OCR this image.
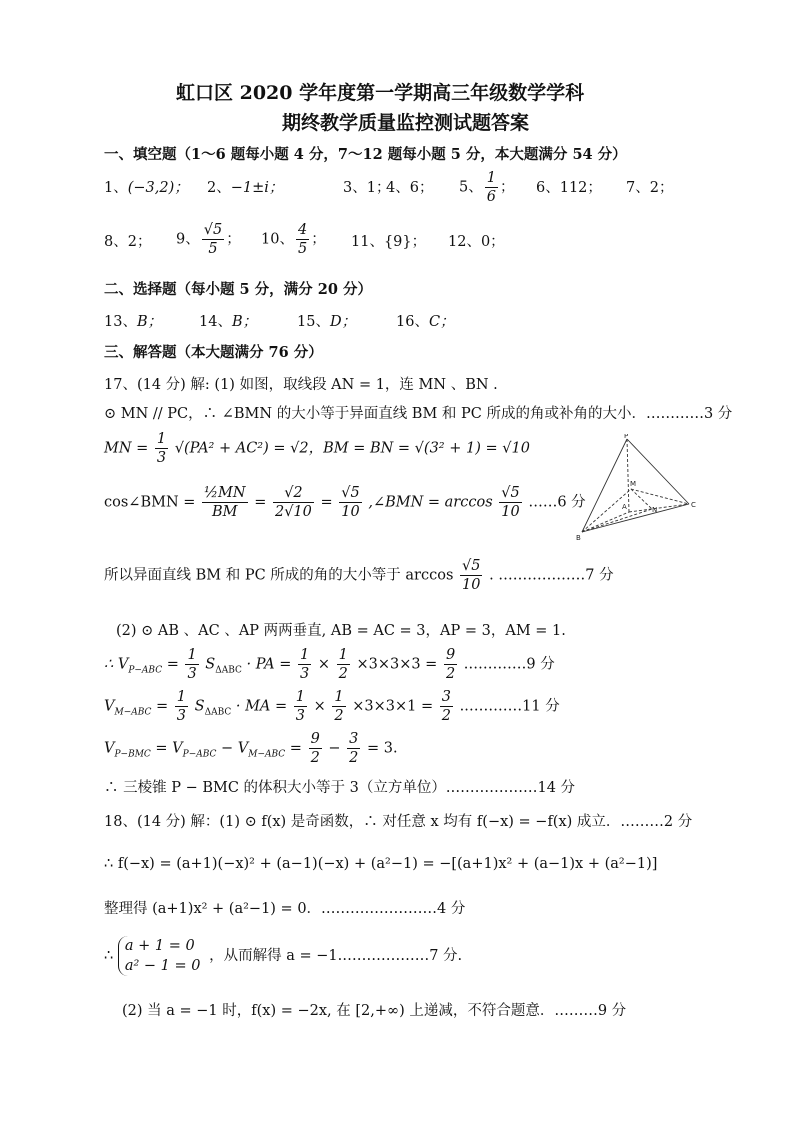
虹口区 2020 学年度第一学期高三年级数学学科
期终教学质量监控测试题答案
一、填空题（1～6 题每小题 4 分，7～12 题每小题 5 分，本大题满分 54 分）
1、(−3,2)； 2、−1±i；	3、1；
4、6； 5、 $\frac{1}{6}$ ； 6、112； 7、2；
8、2； 9、 $\frac{√5}{5}$ ； 10、 $\frac{4}{5}$ ； 11、{9}； 12、0；
二、选择题（每小题 5 分，满分 20 分）
13、B；	14、B；	15、D；	16、C；
三、解答题（本大题满分 76 分）
17、(14 分) 解: (1) 如图，取线段 AN = 1，连 MN 、BN .
⊙ MN // PC，∴ ∠BMN 的大小等于异面直线 BM 和 PC 所成的角或补角的大小．…………3 分
MN = $\frac{1}{3} √(PA^2 + AC^2) = √2$，BM = BN = √(3² + 1) = √10
cos∠BMN = $\frac{\text{½MN}}{BM} = \frac{√2}{2√10} = \frac{√5}{10}$ ,∠BMN = $\arccos \frac{√5}{10}$ ……6 分
所以异面直线 BM 和 PC 所成的角的大小等于 $\arccos \frac{√5}{10}$ . ………………7 分
(2) ⊙ AB 、AC 、AP 两两垂直, AB = AC = 3，AP = 3，AM = 1.
∴ $V_{P-ABC} = \frac{1}{3} S_{\Delta ABC}$ · PA = $\frac{1}{3} \times \frac{1}{2} \times 3\times 3\times 3 = \frac{9}{2}$ .…………9 分
$V_{M-ABC} = \frac{1}{3} S_{\Delta ABC}$ · MA = $\frac{1}{3} \times \frac{1}{2} \times 3\times 3\times 1 = \frac{3}{2}$ .…………11 分
$V_{P-BMC} = V_{P-ABC} - V_{M-ABC} = \frac{9}{2} - \frac{3}{2} = 3$.
∴ 三棱锥 P − BMC 的体积大小等于 3（立方单位）.………………14 分
18、(14 分) 解：(1) ⊙ f(x) 是奇函数，∴ 对任意 x 均有 f(−x) = −f(x) 成立．………2 分
∴ f(−x) = (a+1)(−x)² + (a−1)(−x) + (a²−1) = −[(a+1)x² + (a−1)x + (a²−1)]
整理得 (a+1)x² + (a²−1) = 0．……………………4 分
∴
a + 1 = 0
a² − 1 = 0
，从而解得 a = −1.………………7 分.
(2) 当 a = −1 时，f(x) = −2x, 在 [2,+∞) 上递减，不符合题意．………9 分
P
M
A	N
B
C
